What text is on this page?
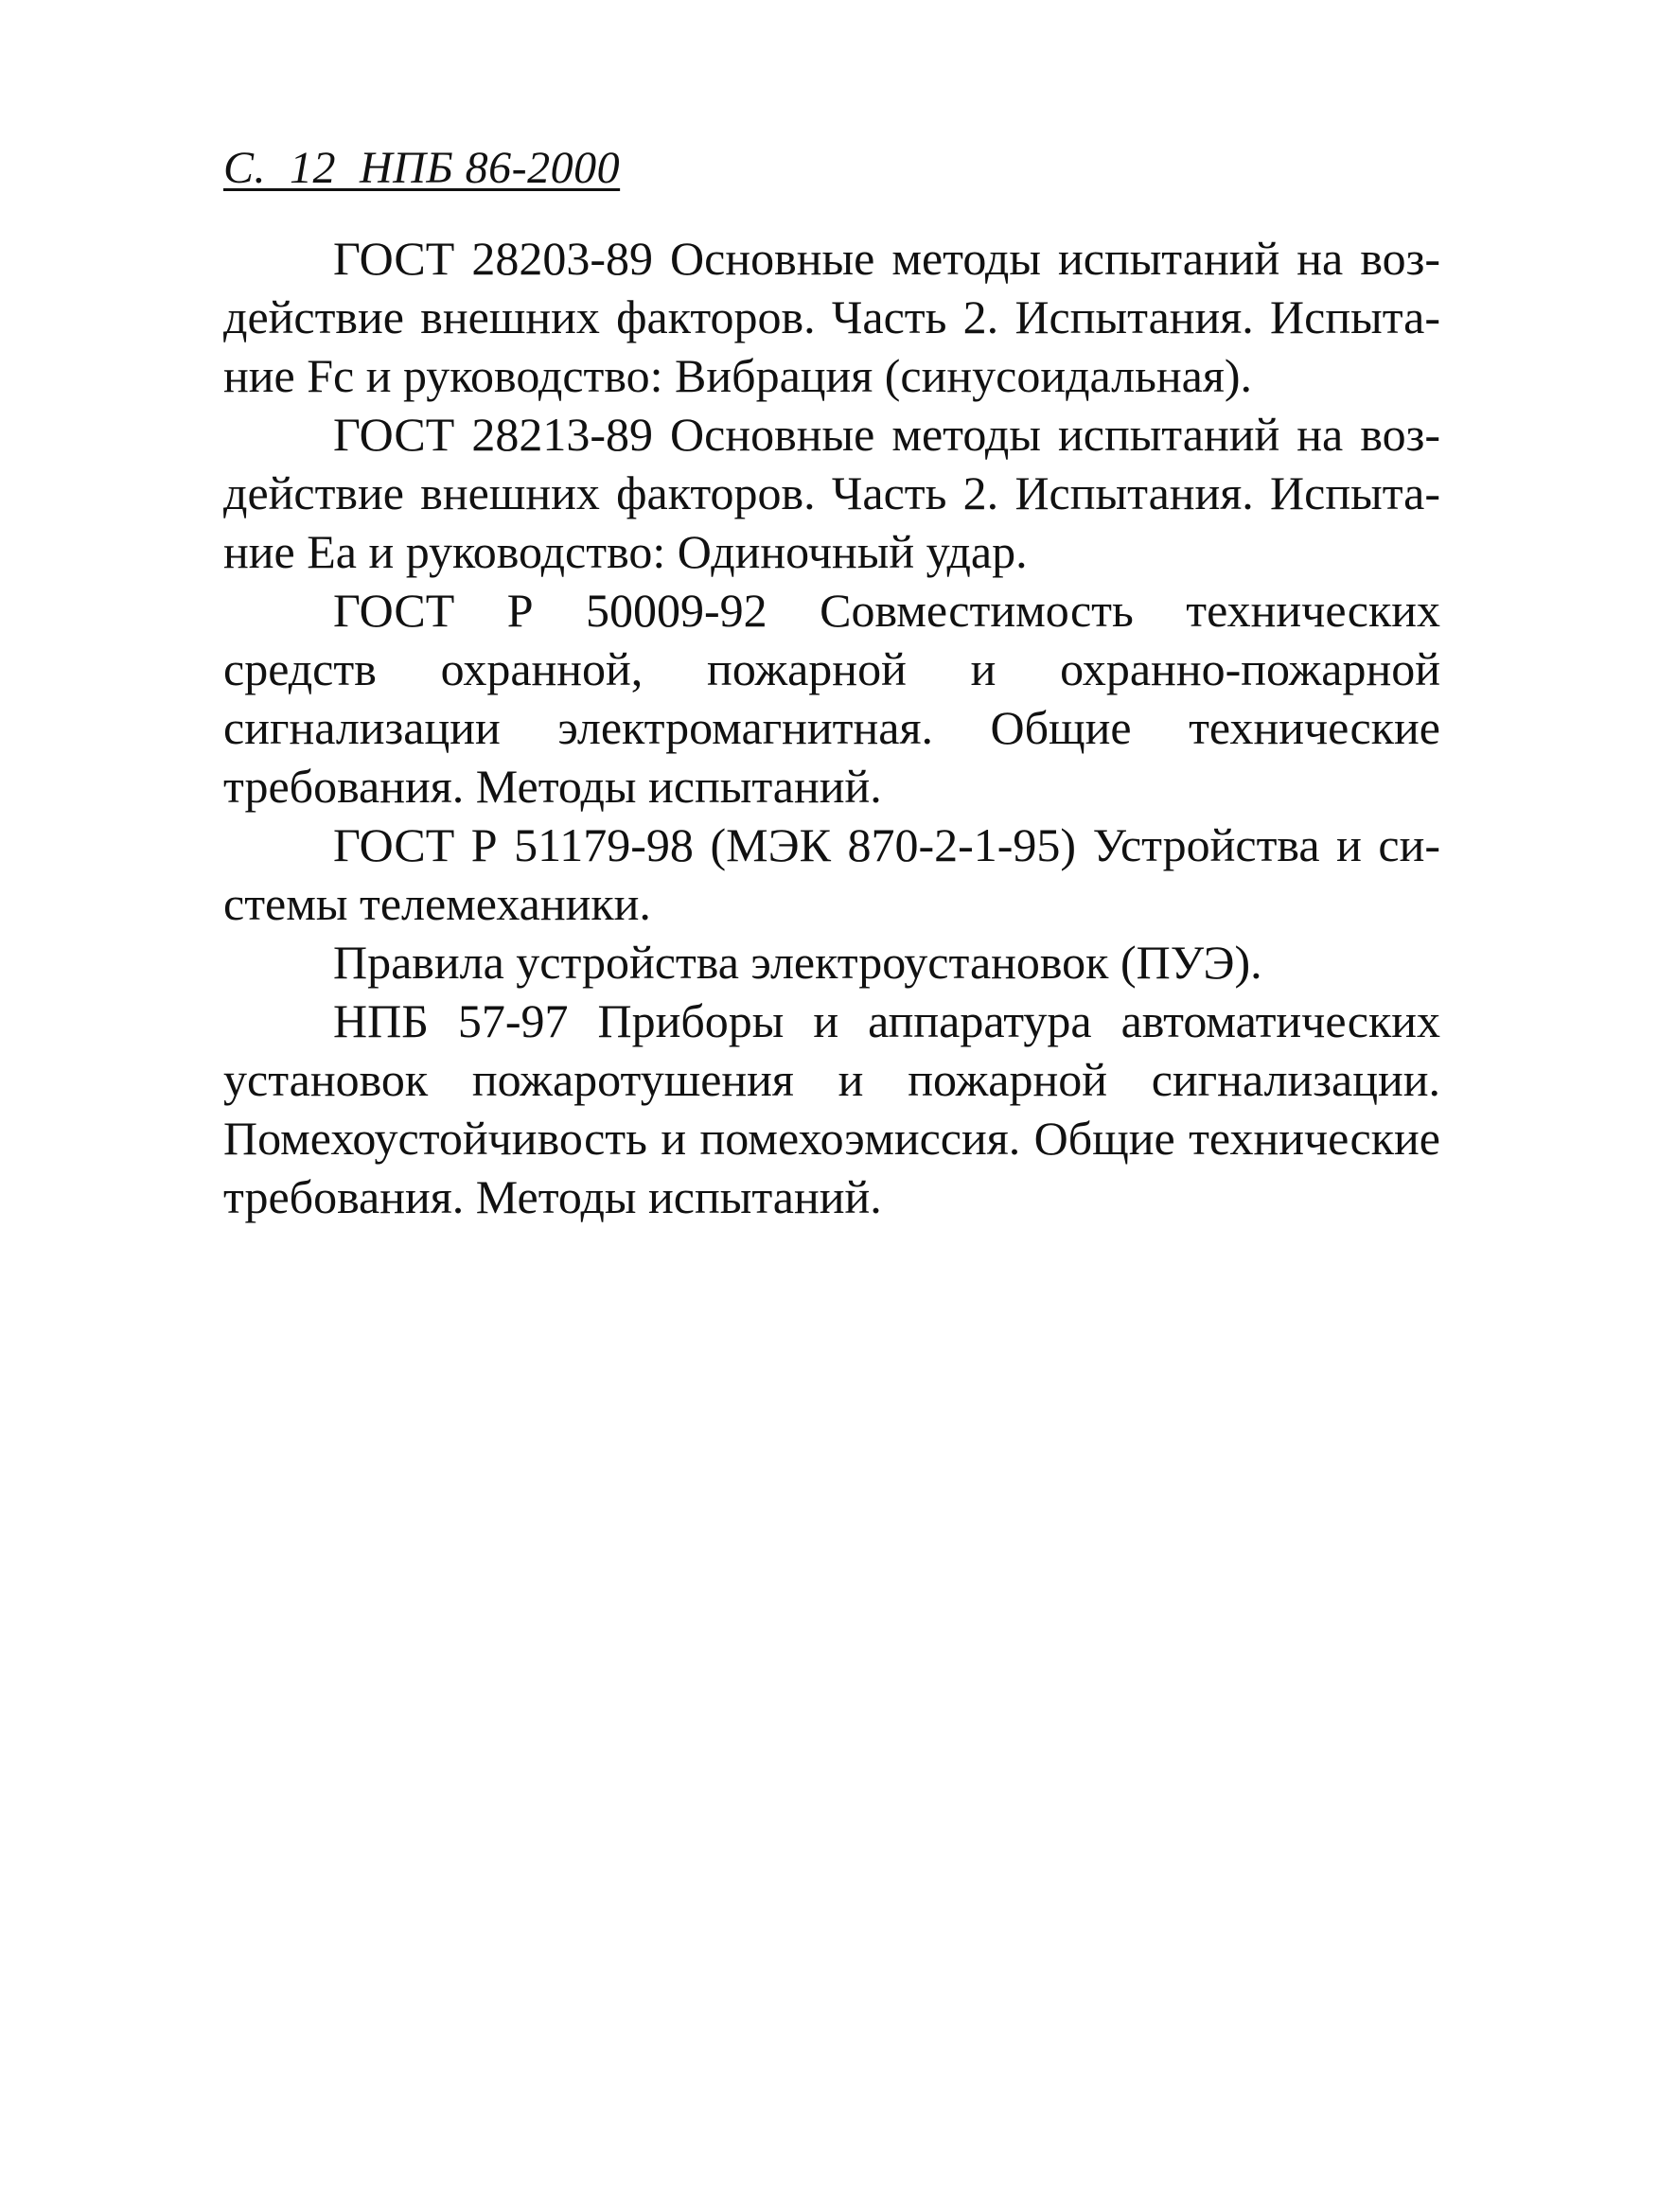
С.  12  НПБ 86-2000

ГОСТ 28203-89 Основные методы испытаний на воздействие внешних факторов. Часть 2. Испытания. Испытание Fc и руководство: Вибрация (синусоидальная).

ГОСТ 28213-89 Основные методы испытаний на воздействие внешних факторов. Часть 2. Испытания. Испытание Еа и руководство: Одиночный удар.

ГОСТ Р 50009-92 Совместимость технических средств охранной, пожарной и охранно-пожарной сигнализации электромагнитная. Общие технические требования. Методы испытаний.

ГОСТ Р 51179-98 (МЭК 870-2-1-95) Устройства и системы телемеханики.

Правила устройства электроустановок (ПУЭ).

НПБ 57-97 Приборы и аппаратура автоматических установок пожаротушения и пожарной сигнализации. Помехоустойчивость и помехоэмиссия. Общие технические требования. Методы испытаний.
